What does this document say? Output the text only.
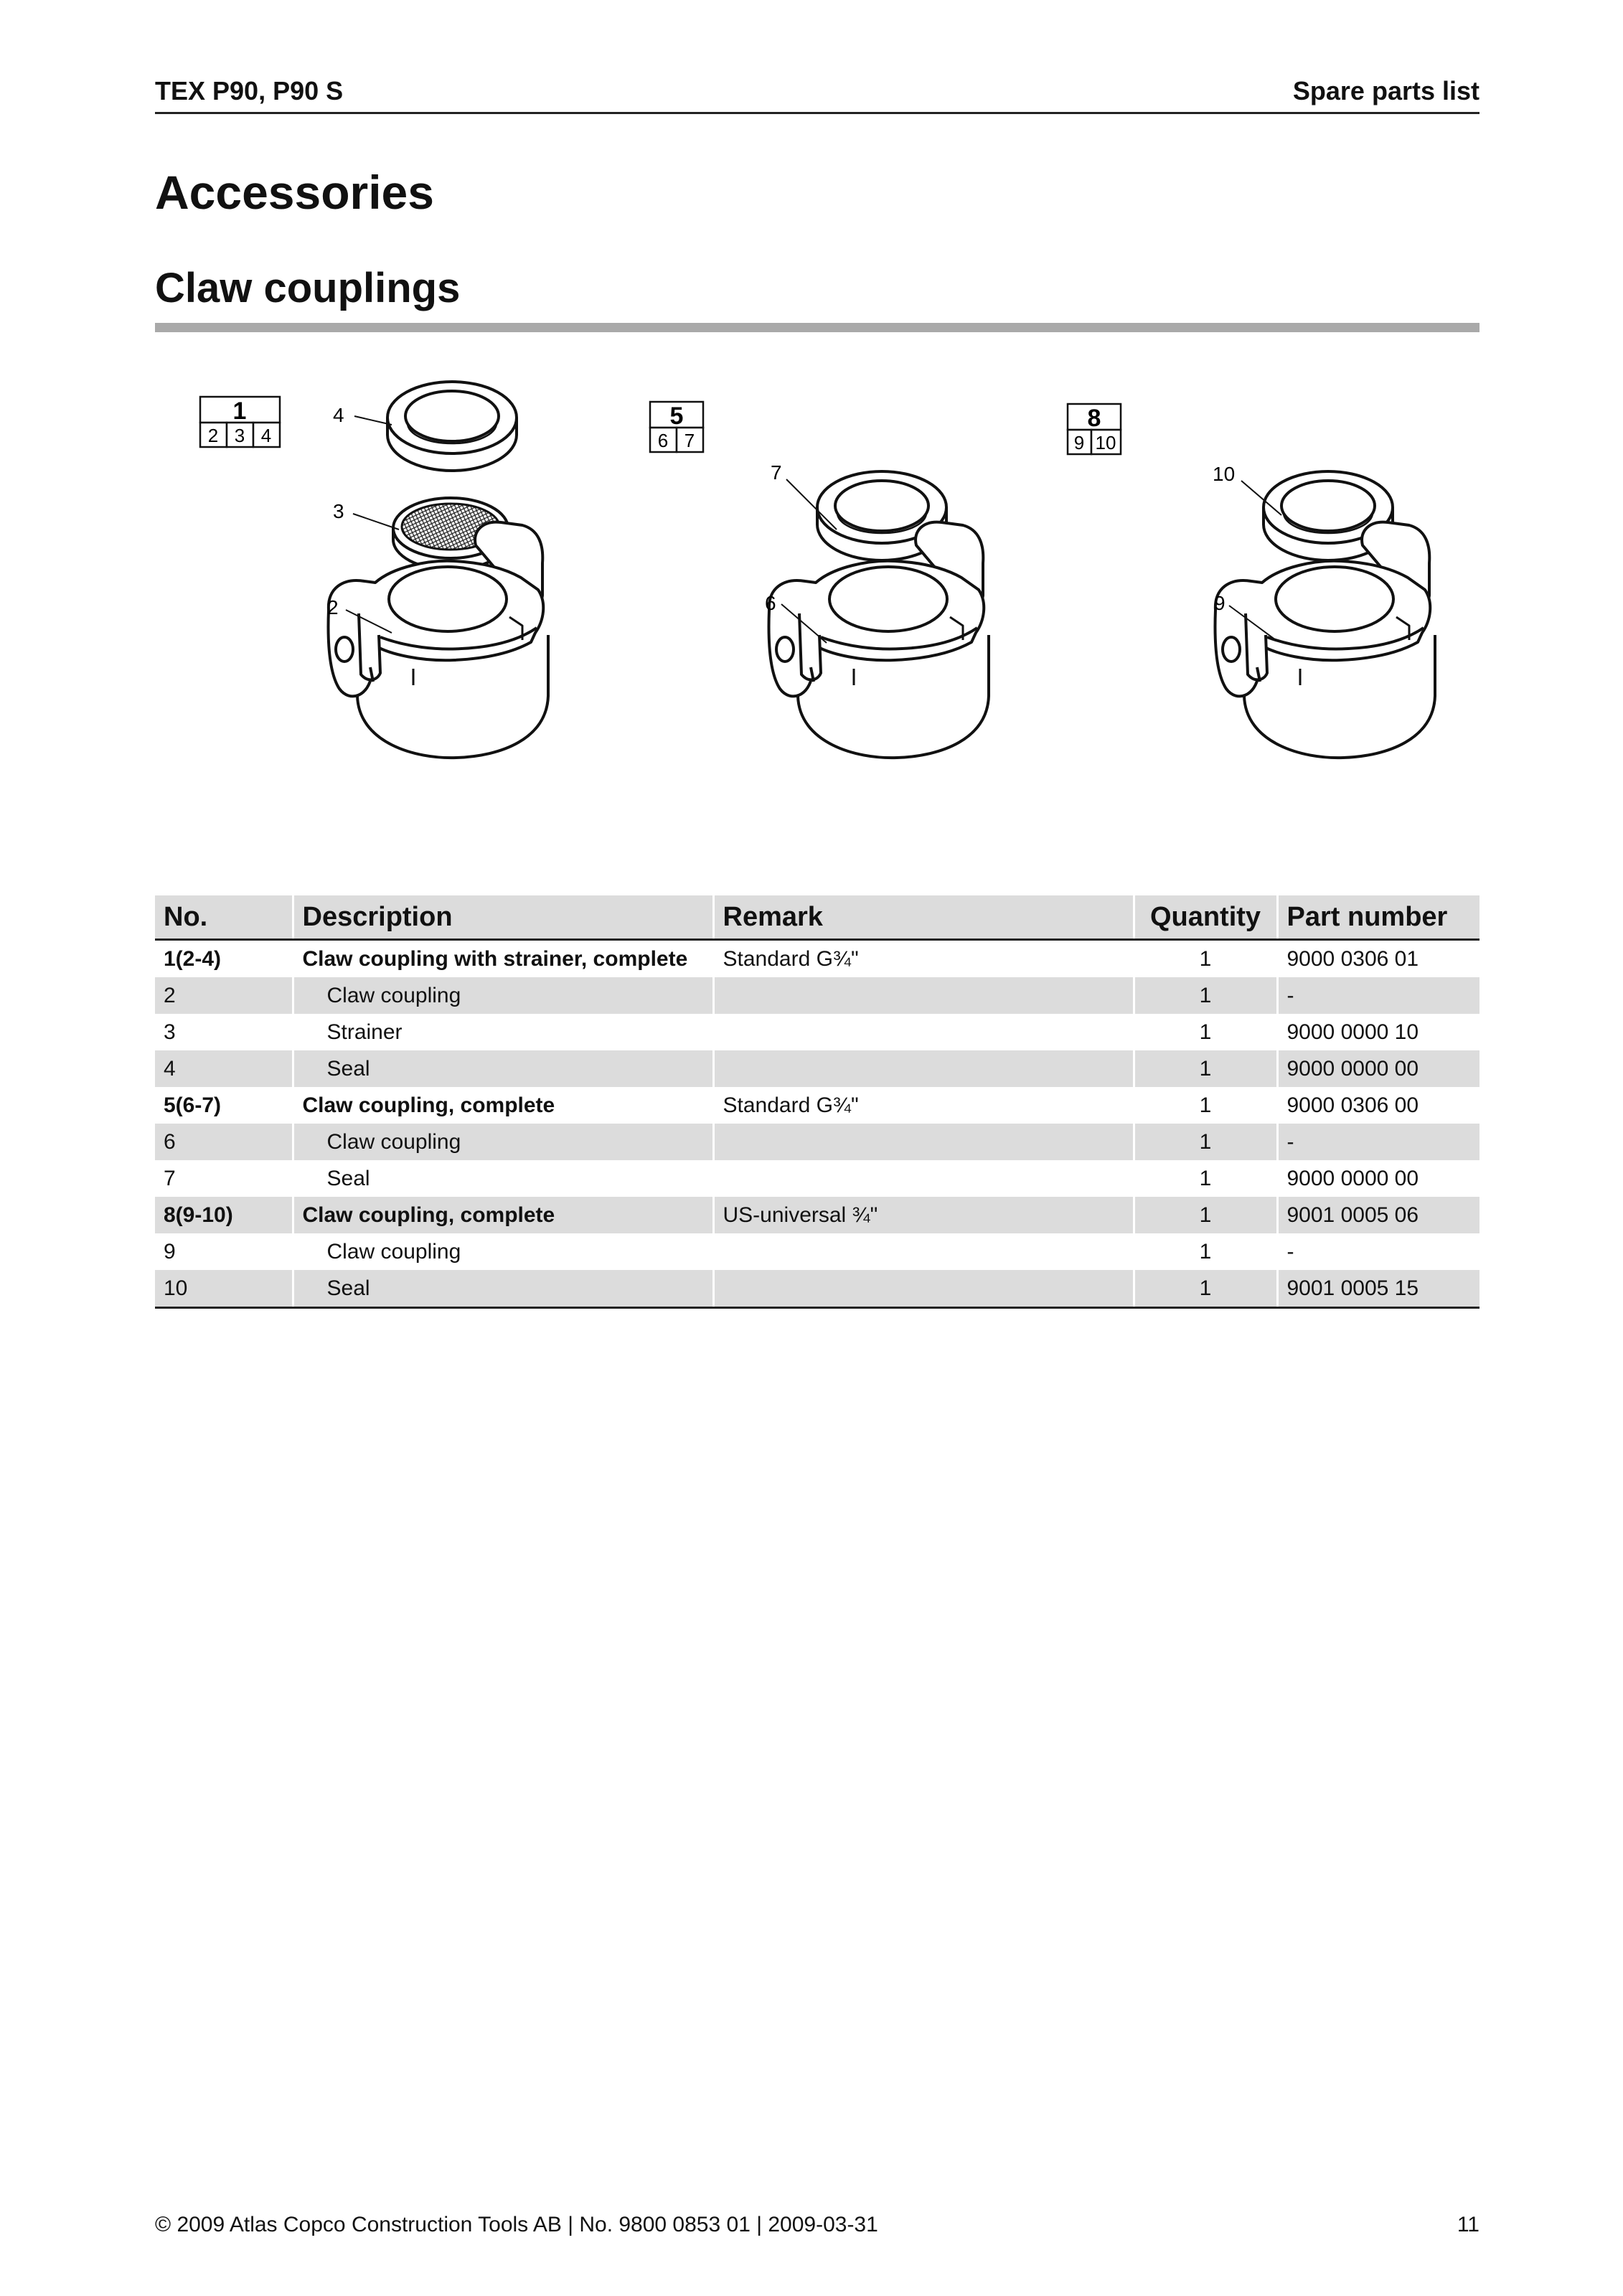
TEX P90, P90 S	Spare parts list
Accessories
Claw couplings
1
2 3 4
5
6 7
8
9 10
4
3
2
7
6
10
9
No.	Description	Remark	Quantity	Part number
1(2-4)	Claw coupling with strainer, complete	Standard G¾"	1	9000 0306 01
2	Claw coupling		1	-
3	Strainer		1	9000 0000 10
4	Seal		1	9000 0000 00
5(6-7)	Claw coupling, complete	Standard G¾"	1	9000 0306 00
6	Claw coupling		1	-
7	Seal		1	9000 0000 00
8(9-10)	Claw coupling, complete	US-universal ¾"	1	9001 0005 06
9	Claw coupling		1	-
10	Seal		1	9001 0005 15
© 2009 Atlas Copco Construction Tools AB | No. 9800 0853 01 | 2009-03-31	11
